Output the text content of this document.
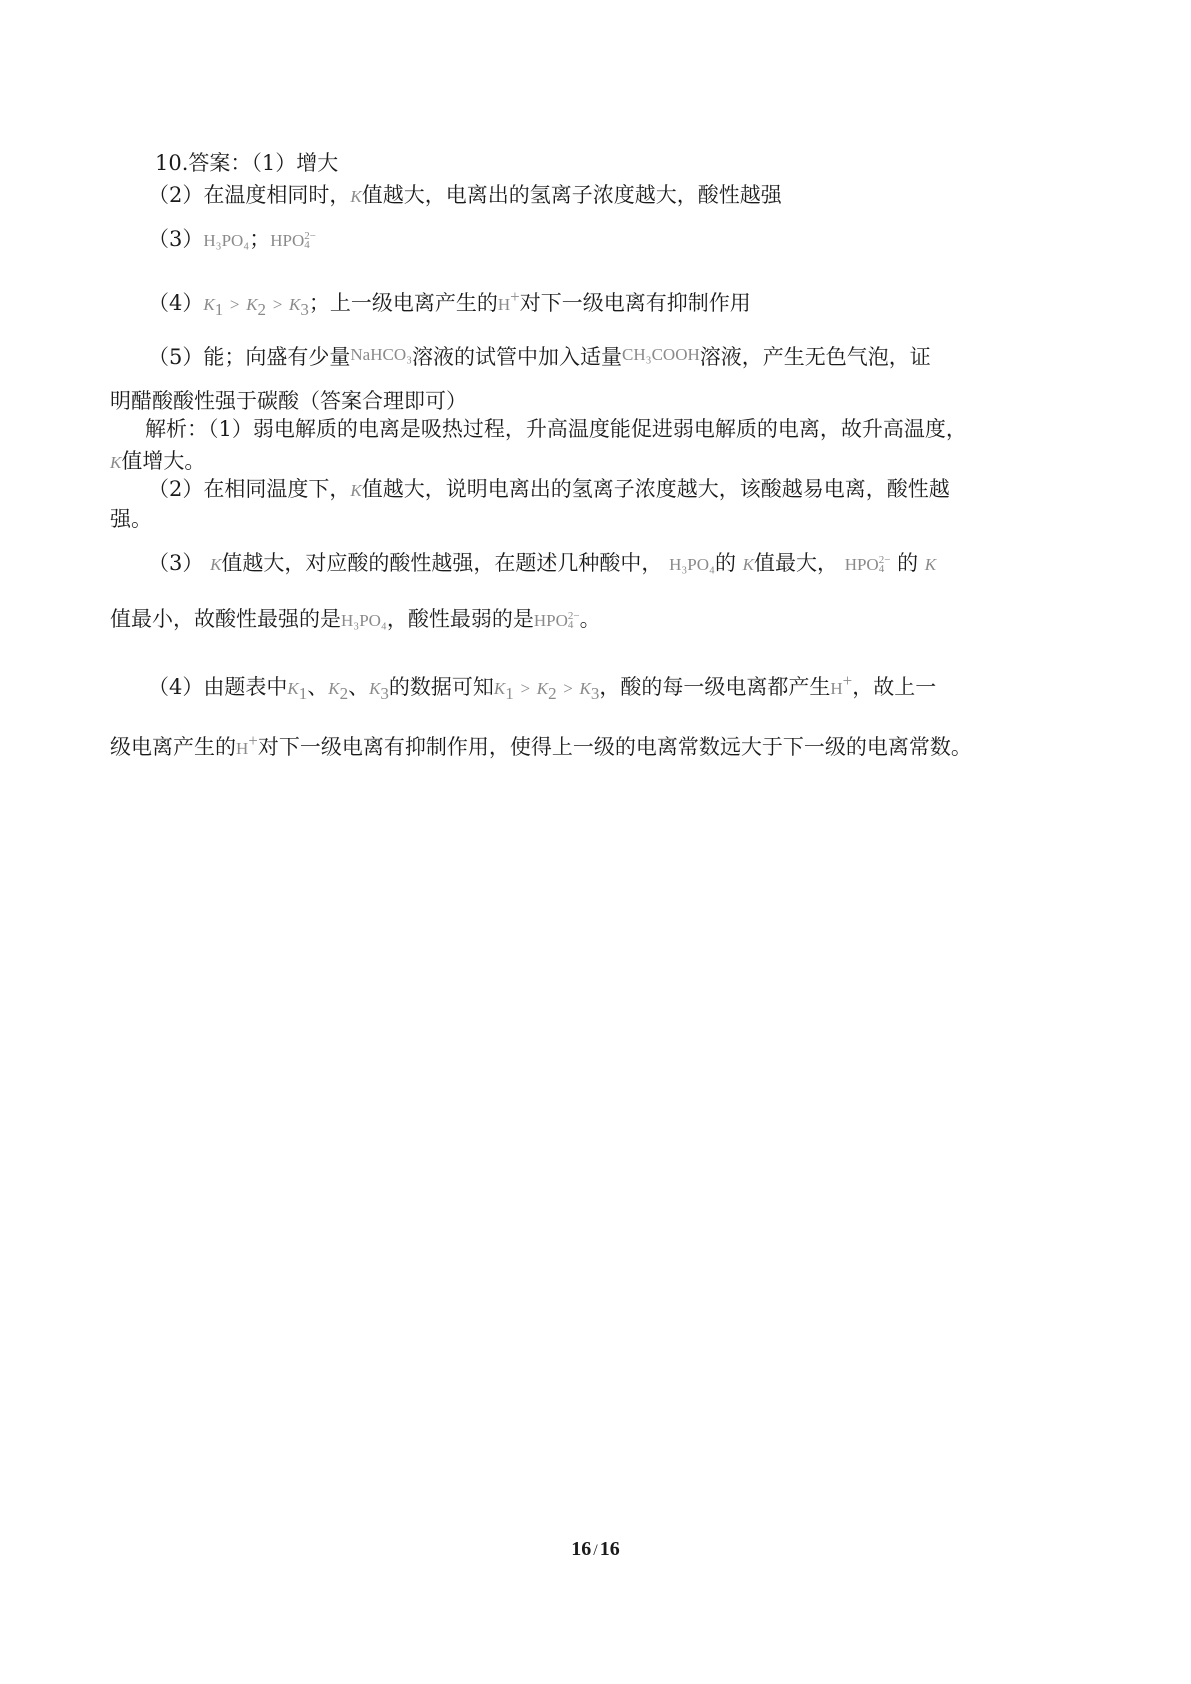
10.答案：（1）增大
（2）在温度相同时，K值越大，电离出的氢离子浓度越大，酸性越强
（3）H₃PO₄；HPO 2−
4
$(4)K_1 > K_2 > K_3$；上一级电离产生的H+对下一级电离有抑制作用
（5）能；向盛有少量NaHCO₃溶液的试管中加入适量CH₃COOH溶液，产生无色气泡，证
明醋酸酸性强于碳酸（答案合理即可）
解析：（1）弱电解质的电离是吸热过程，升高温度能促进弱电解质的电离，故升高温度，
K值增大。
（2）在相同温度下，K值越大，说明电离出的氢离子浓度越大，该酸越易电离，酸性越
强。
（3） K值越大，对应酸的酸性越强，在题述几种酸中， H₃PO₄的 K值最大， HPO 2−
4 的 K
值最小，故酸性最强的是H₃PO₄，酸性最弱的是HPO 2−
4 。
（4）由题表中$K_1$、$K_2$、$K_3$的数据可知$K_1 > K_2 > K_3$，酸的每一级电离都产生H+，故上一
级电离产生的H+对下一级电离有抑制作用，使得上一级的电离常数远大于下一级的电离常数。
16 / 16
